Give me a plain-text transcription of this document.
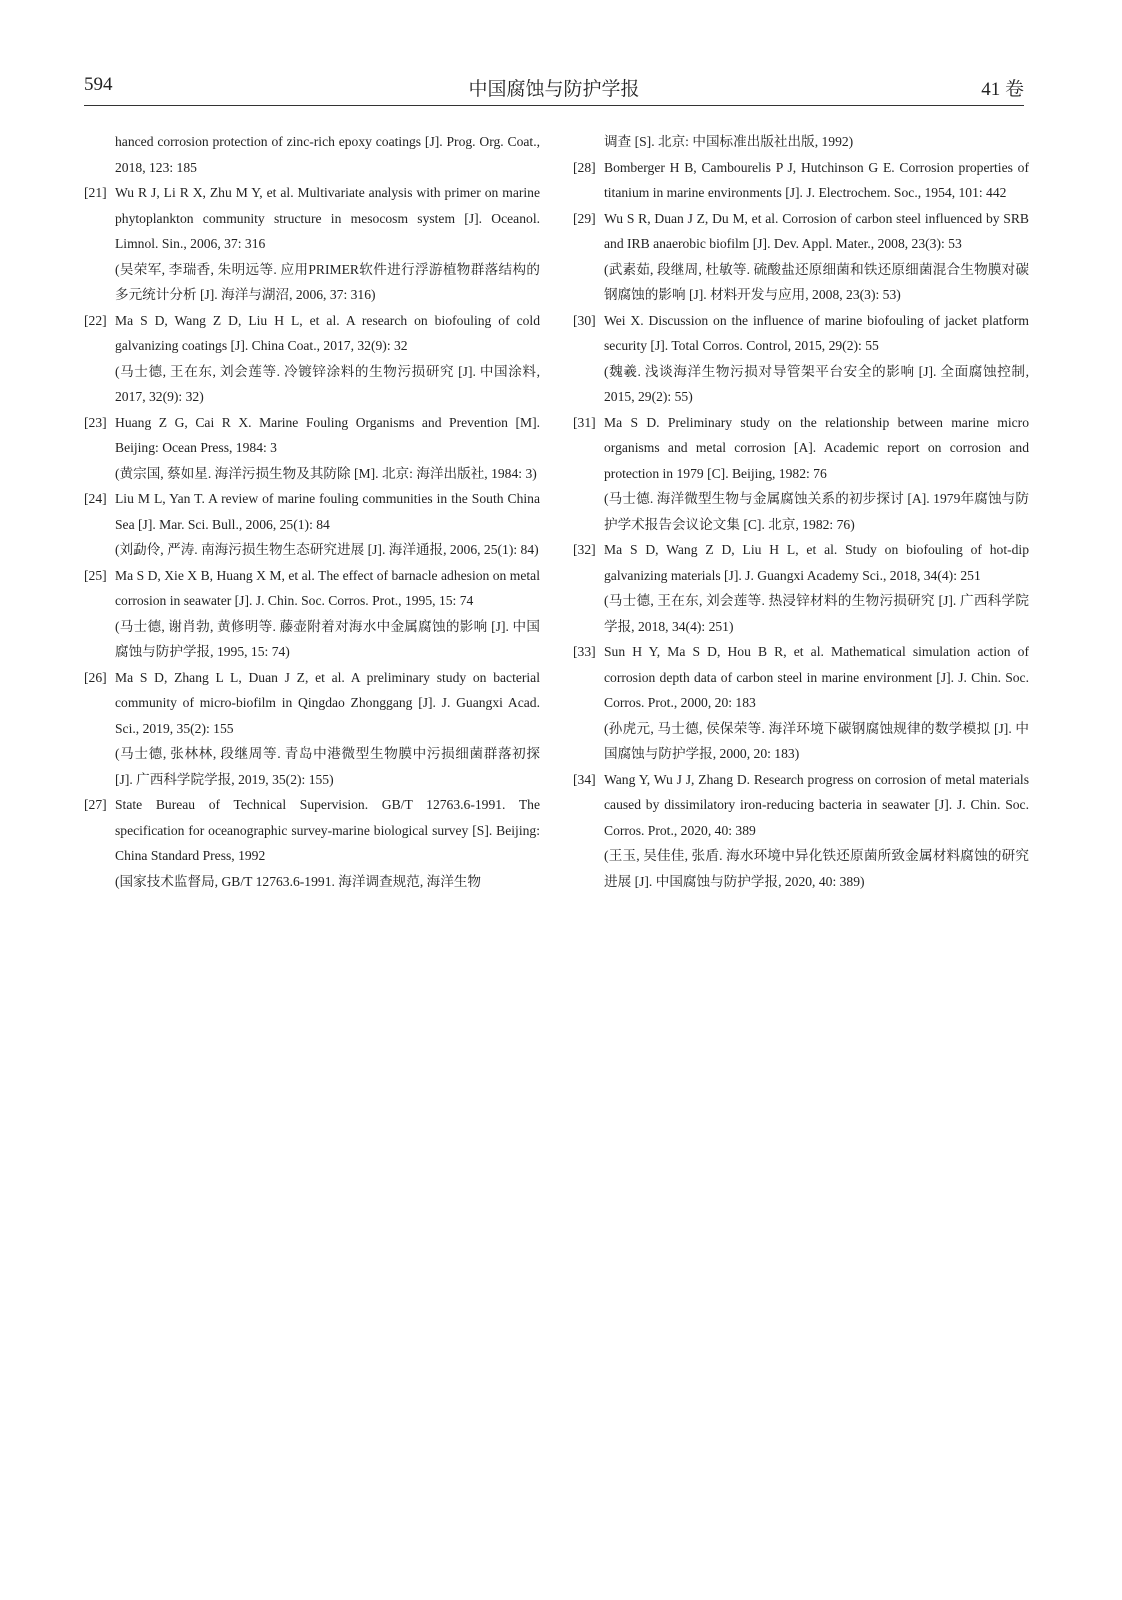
594	中国腐蚀与防护学报	41 卷

hanced corrosion protection of zinc-rich epoxy coatings [J]. Prog. Org. Coat., 2018, 123: 185

[21] Wu R J, Li R X, Zhu M Y, et al. Multivariate analysis with primer on marine phytoplankton community structure in mesocosm system [J]. Oceanol. Limnol. Sin., 2006, 37: 316

(吴荣军, 李瑞香, 朱明远等. 应用PRIMER软件进行浮游植物群落结构的多元统计分析 [J]. 海洋与湖沼, 2006, 37: 316)

[22] Ma S D, Wang Z D, Liu H L, et al. A research on biofouling of cold galvanizing coatings [J]. China Coat., 2017, 32(9): 32

(马士德, 王在东, 刘会莲等. 冷镀锌涂料的生物污损研究 [J]. 中国涂料, 2017, 32(9): 32)

[23] Huang Z G, Cai R X. Marine Fouling Organisms and Prevention [M]. Beijing: Ocean Press, 1984: 3

(黄宗国, 蔡如星. 海洋污损生物及其防除 [M]. 北京: 海洋出版社, 1984: 3)

[24] Liu M L, Yan T. A review of marine fouling communities in the South China Sea [J]. Mar. Sci. Bull., 2006, 25(1): 84

(刘勐伶, 严涛. 南海污损生物生态研究进展 [J]. 海洋通报, 2006, 25(1): 84)

[25] Ma S D, Xie X B, Huang X M, et al. The effect of barnacle adhesion on metal corrosion in seawater [J]. J. Chin. Soc. Corros. Prot., 1995, 15: 74

(马士德, 谢肖勃, 黄修明等. 藤壶附着对海水中金属腐蚀的影响 [J]. 中国腐蚀与防护学报, 1995, 15: 74)

[26] Ma S D, Zhang L L, Duan J Z, et al. A preliminary study on bacterial community of micro-biofilm in Qingdao Zhonggang [J]. J. Guangxi Acad. Sci., 2019, 35(2): 155

(马士德, 张林林, 段继周等. 青岛中港微型生物膜中污损细菌群落初探 [J]. 广西科学院学报, 2019, 35(2): 155)

[27] State Bureau of Technical Supervision. GB/T 12763.6-1991. The specification for oceanographic survey-marine biological survey [S]. Beijing: China Standard Press, 1992

(国家技术监督局, GB/T 12763.6-1991. 海洋调查规范, 海洋生物

调查 [S]. 北京: 中国标准出版社出版, 1992)

[28] Bomberger H B, Cambourelis P J, Hutchinson G E. Corrosion properties of titanium in marine environments [J]. J. Electrochem. Soc., 1954, 101: 442

[29] Wu S R, Duan J Z, Du M, et al. Corrosion of carbon steel influenced by SRB and IRB anaerobic biofilm [J]. Dev. Appl. Mater., 2008, 23(3): 53

(武素茹, 段继周, 杜敏等. 硫酸盐还原细菌和铁还原细菌混合生物膜对碳钢腐蚀的影响 [J]. 材料开发与应用, 2008, 23(3): 53)

[30] Wei X. Discussion on the influence of marine biofouling of jacket platform security [J]. Total Corros. Control, 2015, 29(2): 55

(魏羲. 浅谈海洋生物污损对导管架平台安全的影响 [J]. 全面腐蚀控制, 2015, 29(2): 55)

[31] Ma S D. Preliminary study on the relationship between marine micro organisms and metal corrosion [A]. Academic report on corrosion and protection in 1979 [C]. Beijing, 1982: 76

(马士德. 海洋微型生物与金属腐蚀关系的初步探讨 [A]. 1979年腐蚀与防护学术报告会议论文集 [C]. 北京, 1982: 76)

[32] Ma S D, Wang Z D, Liu H L, et al. Study on biofouling of hot-dip galvanizing materials [J]. J. Guangxi Academy Sci., 2018, 34(4): 251

(马士德, 王在东, 刘会莲等. 热浸锌材料的生物污损研究 [J]. 广西科学院学报, 2018, 34(4): 251)

[33] Sun H Y, Ma S D, Hou B R, et al. Mathematical simulation action of corrosion depth data of carbon steel in marine environment [J]. J. Chin. Soc. Corros. Prot., 2000, 20: 183

(孙虎元, 马士德, 侯保荣等. 海洋环境下碳钢腐蚀规律的数学模拟 [J]. 中国腐蚀与防护学报, 2000, 20: 183)

[34] Wang Y, Wu J J, Zhang D. Research progress on corrosion of metal materials caused by dissimilatory iron-reducing bacteria in seawater [J]. J. Chin. Soc. Corros. Prot., 2020, 40: 389

(王玉, 吴佳佳, 张盾. 海水环境中异化铁还原菌所致金属材料腐蚀的研究进展 [J]. 中国腐蚀与防护学报, 2020, 40: 389)
